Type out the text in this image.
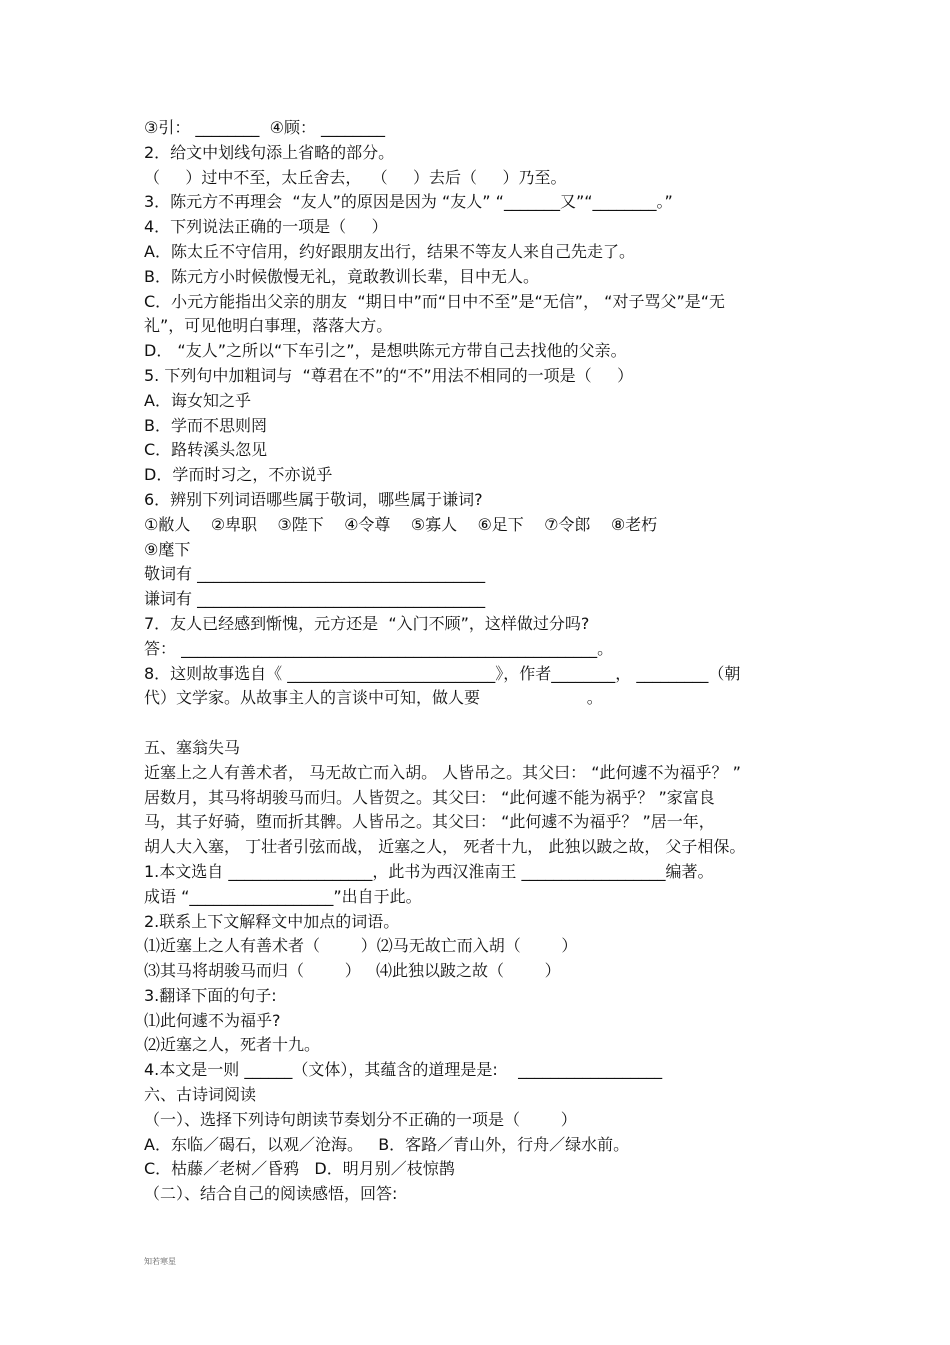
③引： ________  ④顾： ________
2．给文中划线句添上省略的部分。
（     ）过中不至，太丘舍去，  （     ）去后（     ）乃至。
3．陈元方不再理会  “友人”的原因是因为 “友人” “_______又”“________。”
4．下列说法正确的一项是（     ）
A．陈太丘不守信用，约好跟朋友出行，结果不等友人来自己先走了。
B．陈元方小时候傲慢无礼，竟敢教训长辈，目中无人。
C．小元方能指出父亲的朋友  “期日中”而“日中不至”是“无信”， “对子骂父”是“无
礼”，可见他明白事理，落落大方。
D． “友人”之所以“下车引之”，是想哄陈元方带自己去找他的父亲。
5. 下列句中加粗词与  “尊君在不”的“不”用法不相同的一项是（     ）
A．诲女知之乎
B．学而不思则罔
C．路转溪头忽见
D．学而时习之，不亦说乎
6．辨别下列词语哪些属于敬词，哪些属于谦词?
①敝人    ②卑职    ③陛下    ④令尊    ⑤寡人    ⑥足下    ⑦令郎    ⑧老朽
⑨麾下
敬词有 ____________________________________
谦词有 ____________________________________
7．友人已经感到惭愧，元方还是  “入门不顾”，这样做过分吗?
答： ____________________________________________________。
8．这则故事选自《 __________________________》，作者________， _________（朝
代）文学家。从故事主人的言谈中可知，做人要                     。
五、塞翁失马
近塞上之人有善术者， 马无故亡而入胡。 人皆吊之。其父曰： “此何遽不为福乎？ ”
居数月，其马将胡骏马而归。人皆贺之。其父曰： “此何遽不能为祸乎？ ”家富良
马，其子好骑，堕而折其髀。人皆吊之。其父曰： “此何遽不为福乎？ ”居一年，
胡人大入塞， 丁壮者引弦而战， 近塞之人， 死者十九， 此独以跛之故， 父子相保。
1.本文选自 __________________，此书为西汉淮南王 __________________编著。
成语 “__________________”出自于此。
2.联系上下文解释文中加点的词语。
⑴近塞上之人有善术者（        ）⑵马无故亡而入胡（        ）
⑶其马将胡骏马而归（        ）   ⑷此独以跛之故（        ）
3.翻译下面的句子:
⑴此何遽不为福乎?
⑵近塞之人，死者十九。
4.本文是一则 ______（文体），其蕴含的道理是是:    __________________
六、古诗词阅读
（一）、选择下列诗句朗读节奏划分不正确的一项是（        ）
A．东临／碣石，以观／沧海。   B．客路／青山外，行舟／绿水前。
C．枯藤／老树／昏鸦   D．明月别／枝惊鹊
（二）、结合自己的阅读感悟，回答:
知若寒星
